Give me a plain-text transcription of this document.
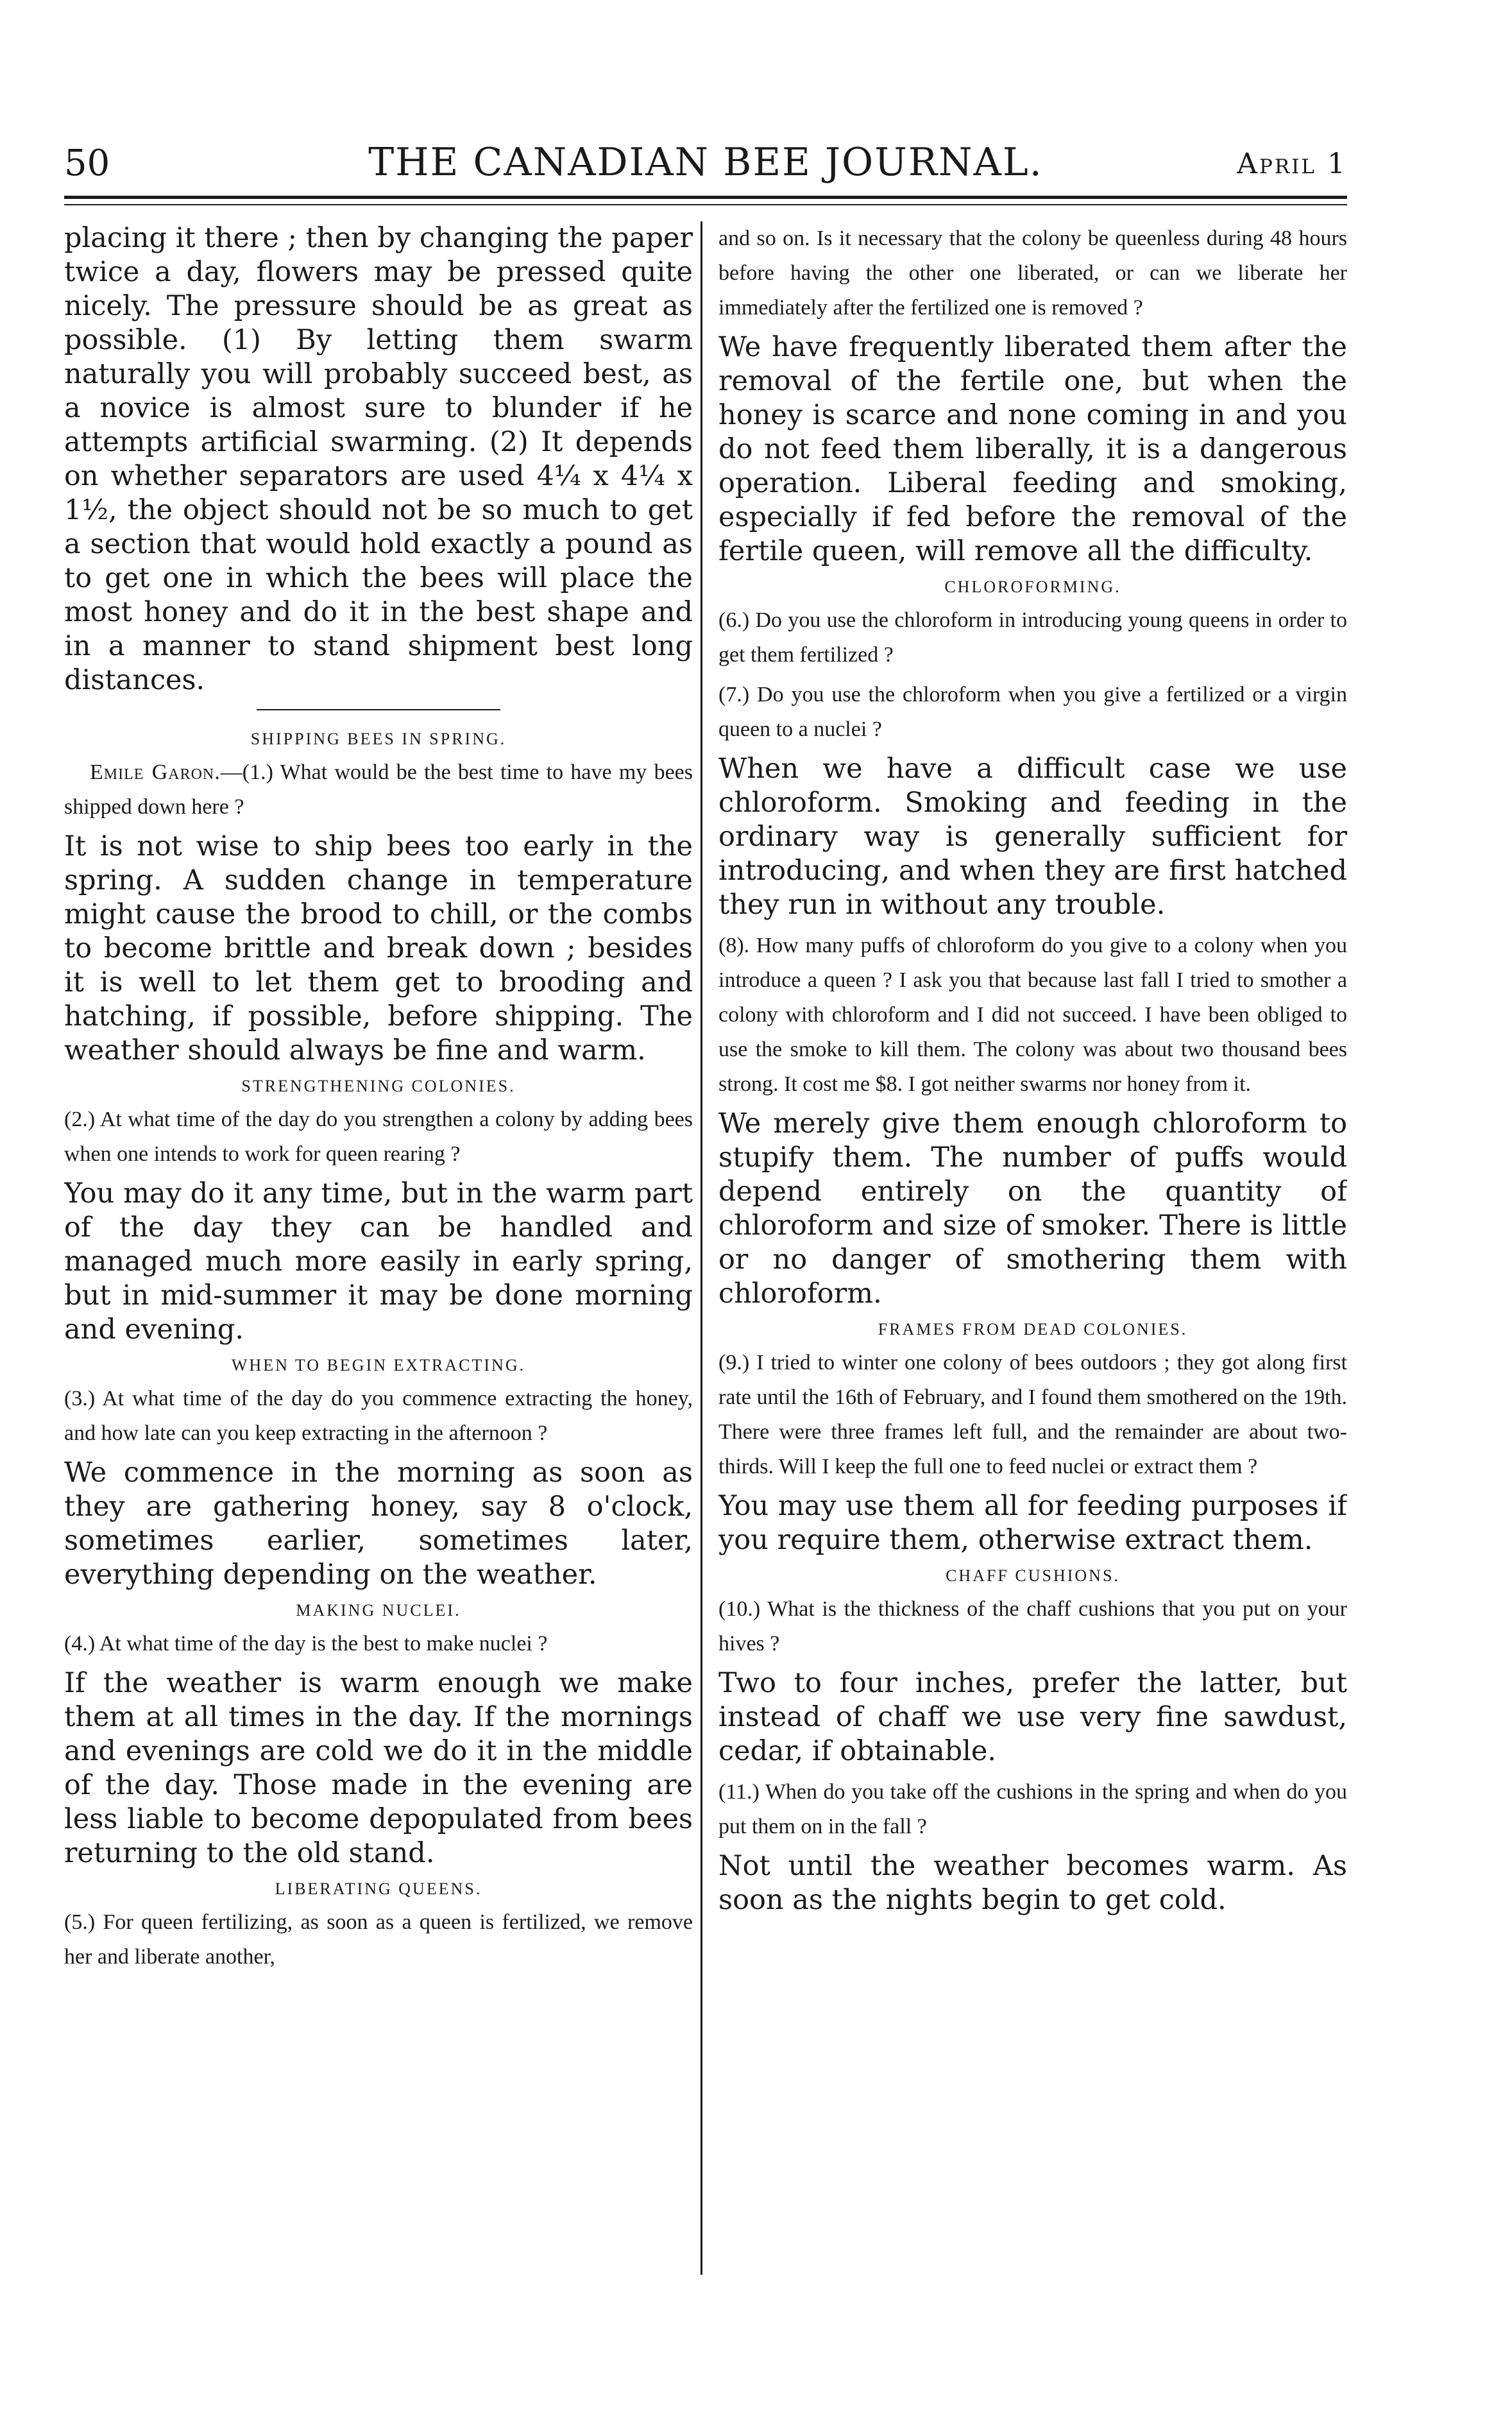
50	THE CANADIAN BEE JOURNAL.	April 1

placing it there ; then by changing the paper twice a day, flowers may be pressed quite nicely. The pressure should be as great as possible. (1) By letting them swarm naturally you will probably succeed best, as a novice is almost sure to blunder if he attempts artificial swarming. (2) It depends on whether separators are used 4¼ x 4¼ x 1½, the object should not be so much to get a section that would hold exactly a pound as to get one in which the bees will place the most honey and do it in the best shape and in a manner to stand shipment best long distances.

SHIPPING BEES IN SPRING.

Emile Garon.—(1.) What would be the best time to have my bees shipped down here ?

It is not wise to ship bees too early in the spring. A sudden change in temperature might cause the brood to chill, or the combs to become brittle and break down ; besides it is well to let them get to brooding and hatching, if possible, before shipping. The weather should always be fine and warm.

STRENGTHENING COLONIES.

(2.) At what time of the day do you strengthen a colony by adding bees when one intends to work for queen rearing ?

You may do it any time, but in the warm part of the day they can be handled and managed much more easily in early spring, but in mid-summer it may be done morning and evening.

WHEN TO BEGIN EXTRACTING.

(3.) At what time of the day do you commence extracting the honey, and how late can you keep extracting in the afternoon ?

We commence in the morning as soon as they are gathering honey, say 8 o'clock, sometimes earlier, sometimes later, everything depending on the weather.

MAKING NUCLEI.

(4.) At what time of the day is the best to make nuclei ?

If the weather is warm enough we make them at all times in the day. If the mornings and evenings are cold we do it in the middle of the day. Those made in the evening are less liable to become depopulated from bees returning to the old stand.

LIBERATING QUEENS.

(5.) For queen fertilizing, as soon as a queen is fertilized, we remove her and liberate another,

and so on. Is it necessary that the colony be queenless during 48 hours before having the other one liberated, or can we liberate her immediately after the fertilized one is removed ?

We have frequently liberated them after the removal of the fertile one, but when the honey is scarce and none coming in and you do not feed them liberally, it is a dangerous operation. Liberal feeding and smoking, especially if fed before the removal of the fertile queen, will remove all the difficulty.

CHLOROFORMING.

(6.) Do you use the chloroform in introducing young queens in order to get them fertilized ?

(7.) Do you use the chloroform when you give a fertilized or a virgin queen to a nuclei ?

When we have a difficult case we use chloroform. Smoking and feeding in the ordinary way is generally sufficient for introducing, and when they are first hatched they run in without any trouble.

(8). How many puffs of chloroform do you give to a colony when you introduce a queen ? I ask you that because last fall I tried to smother a colony with chloroform and I did not succeed. I have been obliged to use the smoke to kill them. The colony was about two thousand bees strong. It cost me $8. I got neither swarms nor honey from it.

We merely give them enough chloroform to stupify them. The number of puffs would depend entirely on the quantity of chloroform and size of smoker. There is little or no danger of smothering them with chloroform.

FRAMES FROM DEAD COLONIES.

(9.) I tried to winter one colony of bees outdoors ; they got along first rate until the 16th of February, and I found them smothered on the 19th. There were three frames left full, and the remainder are about two-thirds. Will I keep the full one to feed nuclei or extract them ?

You may use them all for feeding purposes if you require them, otherwise extract them.

CHAFF CUSHIONS.

(10.) What is the thickness of the chaff cushions that you put on your hives ?

Two to four inches, prefer the latter, but instead of chaff we use very fine sawdust, cedar, if obtainable.

(11.) When do you take off the cushions in the spring and when do you put them on in the fall ?

Not until the weather becomes warm. As soon as the nights begin to get cold.
